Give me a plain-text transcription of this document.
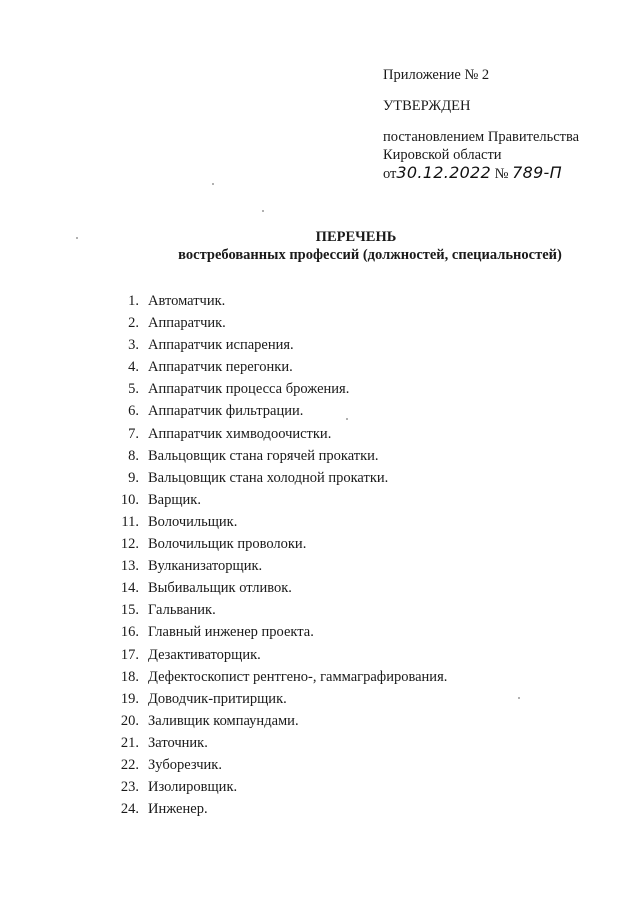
Приложение № 2
УТВЕРЖДЕН
постановлением Правительства
Кировской области
от30.12.2022 № 789-П
ПЕРЕЧЕНЬ
востребованных профессий (должностей, специальностей)
1. Автоматчик.
2. Аппаратчик.
3. Аппаратчик испарения.
4. Аппаратчик перегонки.
5. Аппаратчик процесса брожения.
6. Аппаратчик фильтрации.
7. Аппаратчик химводоочистки.
8. Вальцовщик стана горячей прокатки.
9. Вальцовщик стана холодной прокатки.
10. Варщик.
11. Волочильщик.
12. Волочильщик проволоки.
13. Вулканизаторщик.
14. Выбивальщик отливок.
15. Гальваник.
16. Главный инженер проекта.
17. Дезактиваторщик.
18. Дефектоскопист рентгено-, гаммаграфирования.
19. Доводчик-притирщик.
20. Заливщик компаундами.
21. Заточник.
22. Зуборезчик.
23. Изолировщик.
24. Инженер.
